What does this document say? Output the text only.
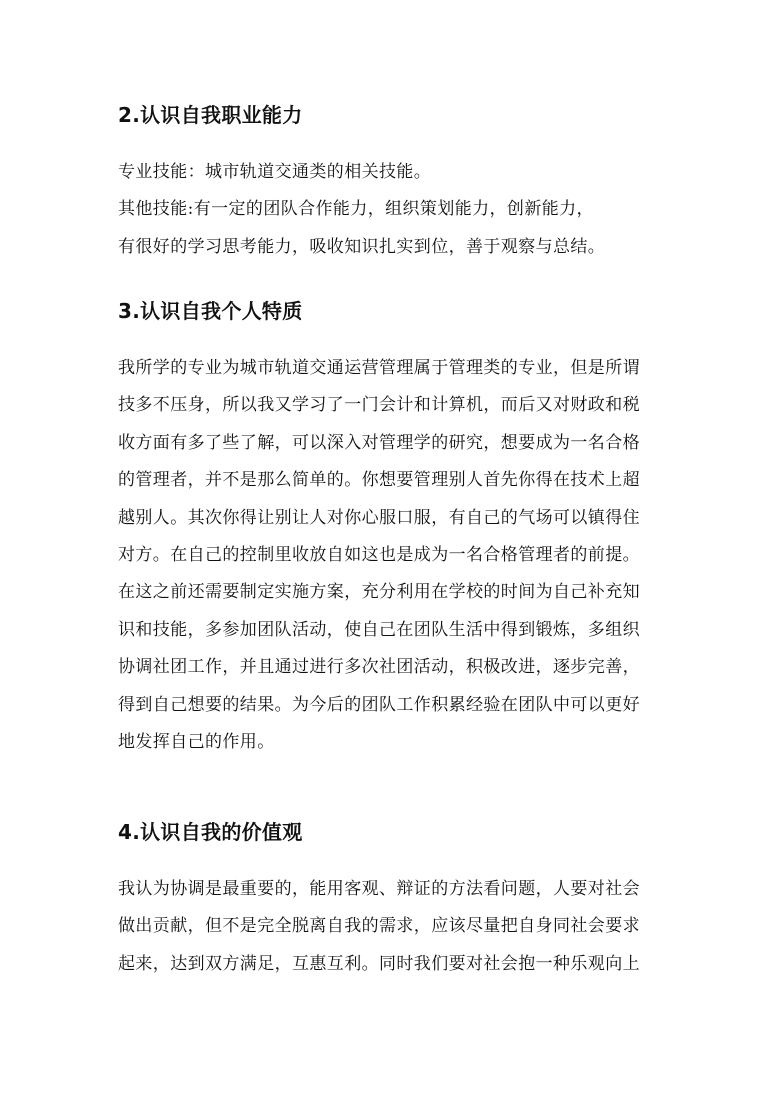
2.认识自我职业能力
专业技能：城市轨道交通类的相关技能。
其他技能:有一定的团队合作能力，组织策划能力，创新能力，
有很好的学习思考能力，吸收知识扎实到位，善于观察与总结。
3.认识自我个人特质
我所学的专业为城市轨道交通运营管理属于管理类的专业，但是所谓
技多不压身，所以我又学习了一门会计和计算机，而后又对财政和税
收方面有多了些了解，可以深入对管理学的研究，想要成为一名合格
的管理者，并不是那么简单的。你想要管理别人首先你得在技术上超
越别人。其次你得让别让人对你心服口服，有自己的气场可以镇得住
对方。在自己的控制里收放自如这也是成为一名合格管理者的前提。
在这之前还需要制定实施方案，充分利用在学校的时间为自己补充知
识和技能，多参加团队活动，使自己在团队生活中得到锻炼，多组织
协调社团工作，并且通过进行多次社团活动，积极改进，逐步完善，
得到自己想要的结果。为今后的团队工作积累经验在团队中可以更好
地发挥自己的作用。
4.认识自我的价值观
我认为协调是最重要的，能用客观、辩证的方法看问题，人要对社会
做出贡献，但不是完全脱离自我的需求，应该尽量把自身同社会要求
起来，达到双方满足，互惠互利。同时我们要对社会抱一种乐观向上
